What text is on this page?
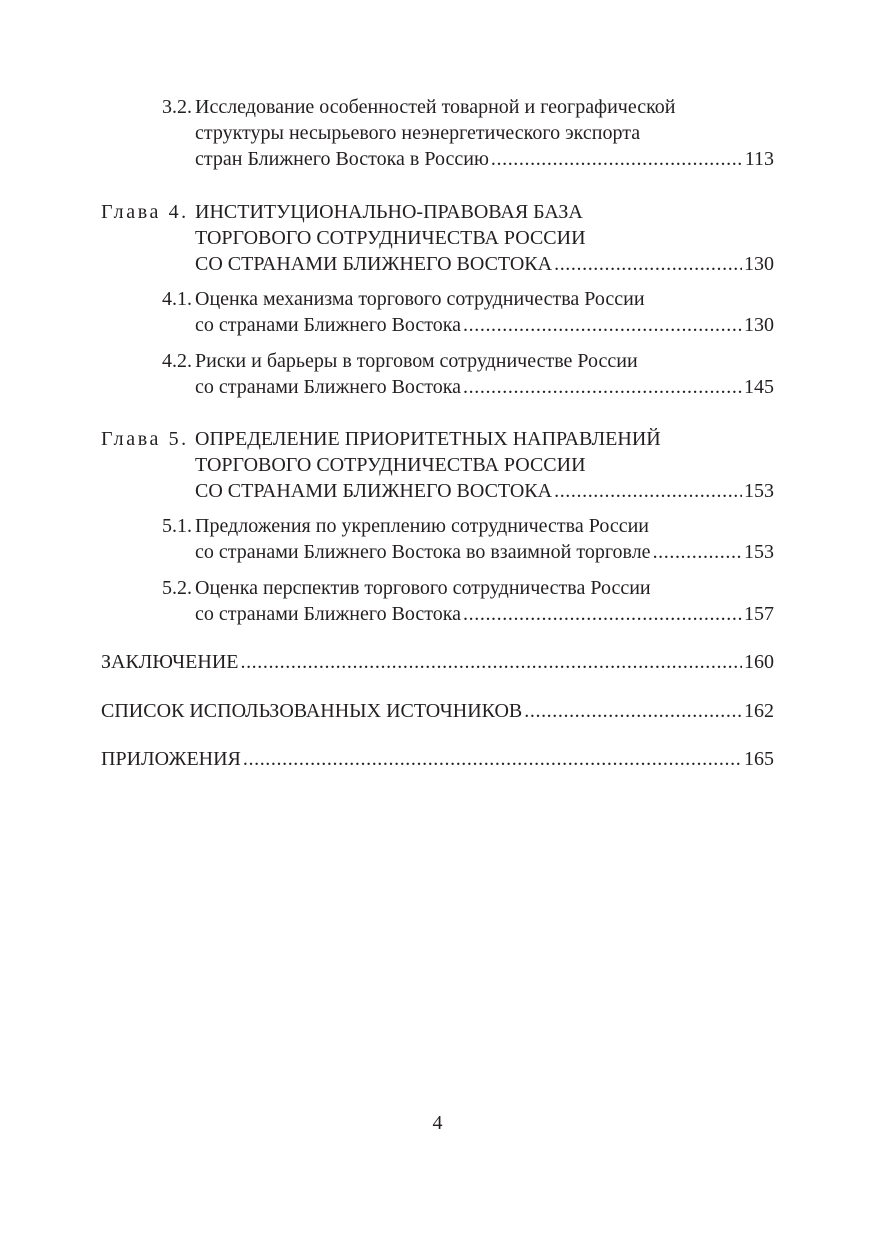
3.2. Исследование особенностей товарной и географической
структуры несырьевого неэнергетического экспорта
стран Ближнего Востока в Россию .....	113
Глава 4. ИНСТИТУЦИОНАЛЬНО-ПРАВОВАЯ БАЗА
ТОРГОВОГО СОТРУДНИЧЕСТВА РОССИИ
СО СТРАНАМИ БЛИЖНЕГО ВОСТОКА .....	130
4.1. Оценка механизма торгового сотрудничества России
со странами Ближнего Востока .....	130
4.2. Риски и барьеры в торговом сотрудничестве России
со странами Ближнего Востока .....	145
Глава 5. ОПРЕДЕЛЕНИЕ ПРИОРИТЕТНЫХ НАПРАВЛЕНИЙ
ТОРГОВОГО СОТРУДНИЧЕСТВА РОССИИ
СО СТРАНАМИ БЛИЖНЕГО ВОСТОКА .....	153
5.1. Предложения по укреплению сотрудничества России
со странами Ближнего Востока во взаимной торговле .....	153
5.2. Оценка перспектив торгового сотрудничества России
со странами Ближнего Востока .....	157
ЗАКЛЮЧЕНИЕ .....	160
СПИСОК ИСПОЛЬЗОВАННЫХ ИСТОЧНИКОВ .....	162
ПРИЛОЖЕНИЯ .....	165
4
